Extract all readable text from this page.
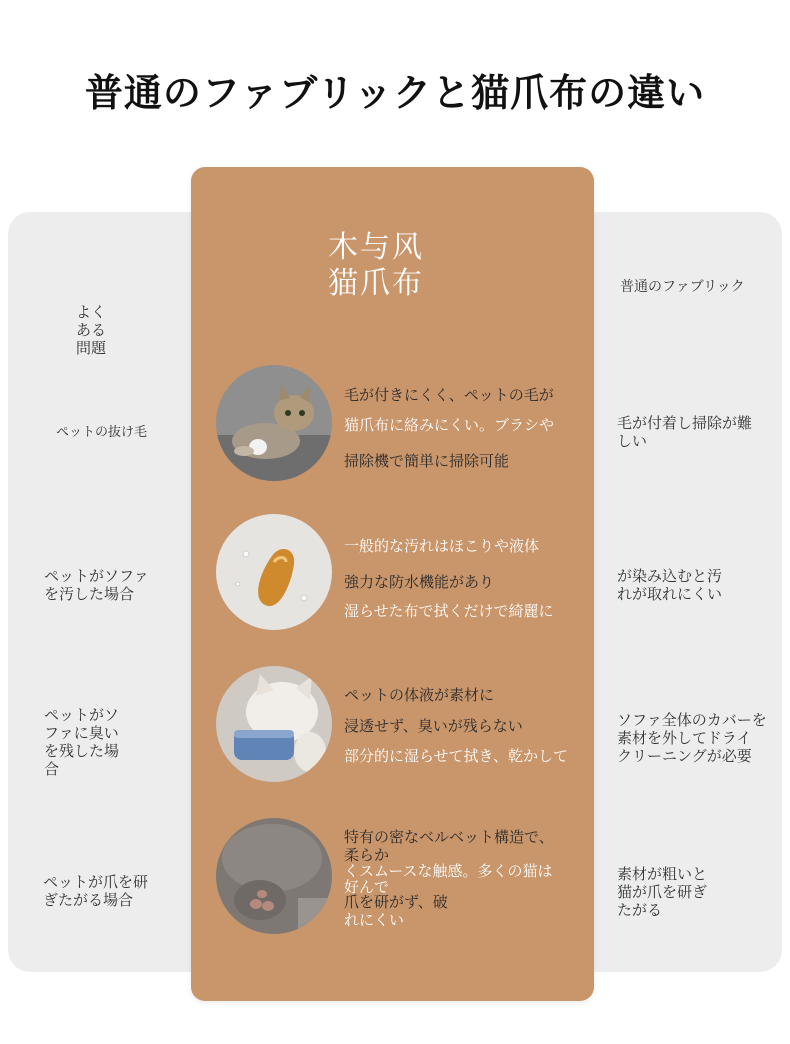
普通のファブリックと猫爪布の違い
木与风
猫爪布
よく
ある
問題
普通のファブリック
ペットの抜け毛
毛が付きにくく、ペットの毛が
猫爪布に絡みにくい。ブラシや
掃除機で簡単に掃除可能
毛が付着し掃除が難
しい
ペットがソファ
を汚した場合
一般的な汚れはほこりや液体
強力な防水機能があり
湿らせた布で拭くだけで綺麗に
が染み込むと汚
れが取れにくい
ペットがソ
ファに臭い
を残した場
合
ペットの体液が素材に
浸透せず、臭いが残らない
部分的に湿らせて拭き、乾かして
ソファ全体のカバーを
素材を外してドライ
クリーニングが必要
ペットが爪を研
ぎたがる場合
特有の密なベルベット構造で、
柔らか
くスムースな触感。多くの猫は
好んで
爪を研がず、破
れにくい
素材が粗いと
猫が爪を研ぎ
たがる
